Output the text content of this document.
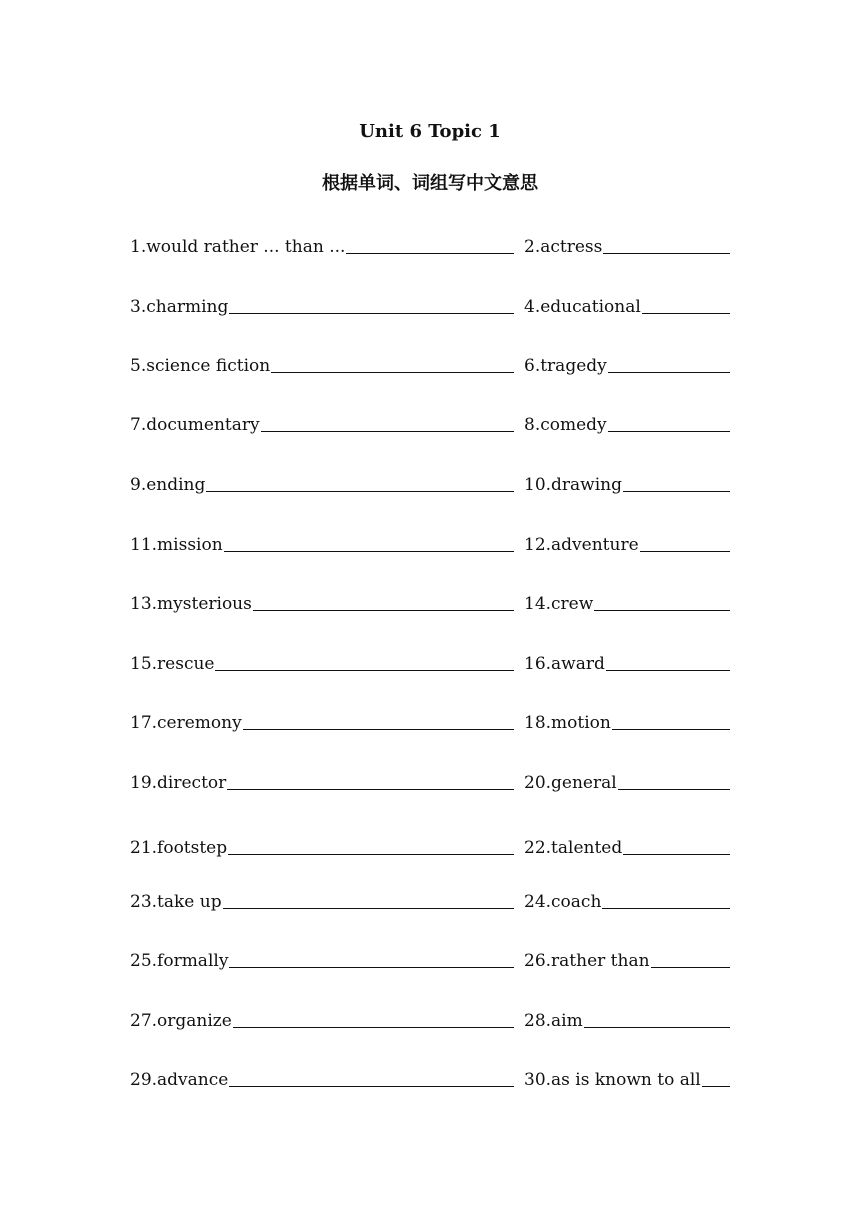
Unit 6 Topic 1
根据单词、词组写中文意思
1.would rather ... than ...	2.actress
3.charming	4.educational
5.science fiction	6.tragedy
7.documentary	8.comedy
9.ending	10.drawing
11.mission	12.adventure
13.mysterious	14.crew
15.rescue	16.award
17.ceremony	18.motion
19.director	20.general
21.footstep	22.talented
23.take up	24.coach
25.formally	26.rather than
27.organize	28.aim
29.advance	30.as is known to all
